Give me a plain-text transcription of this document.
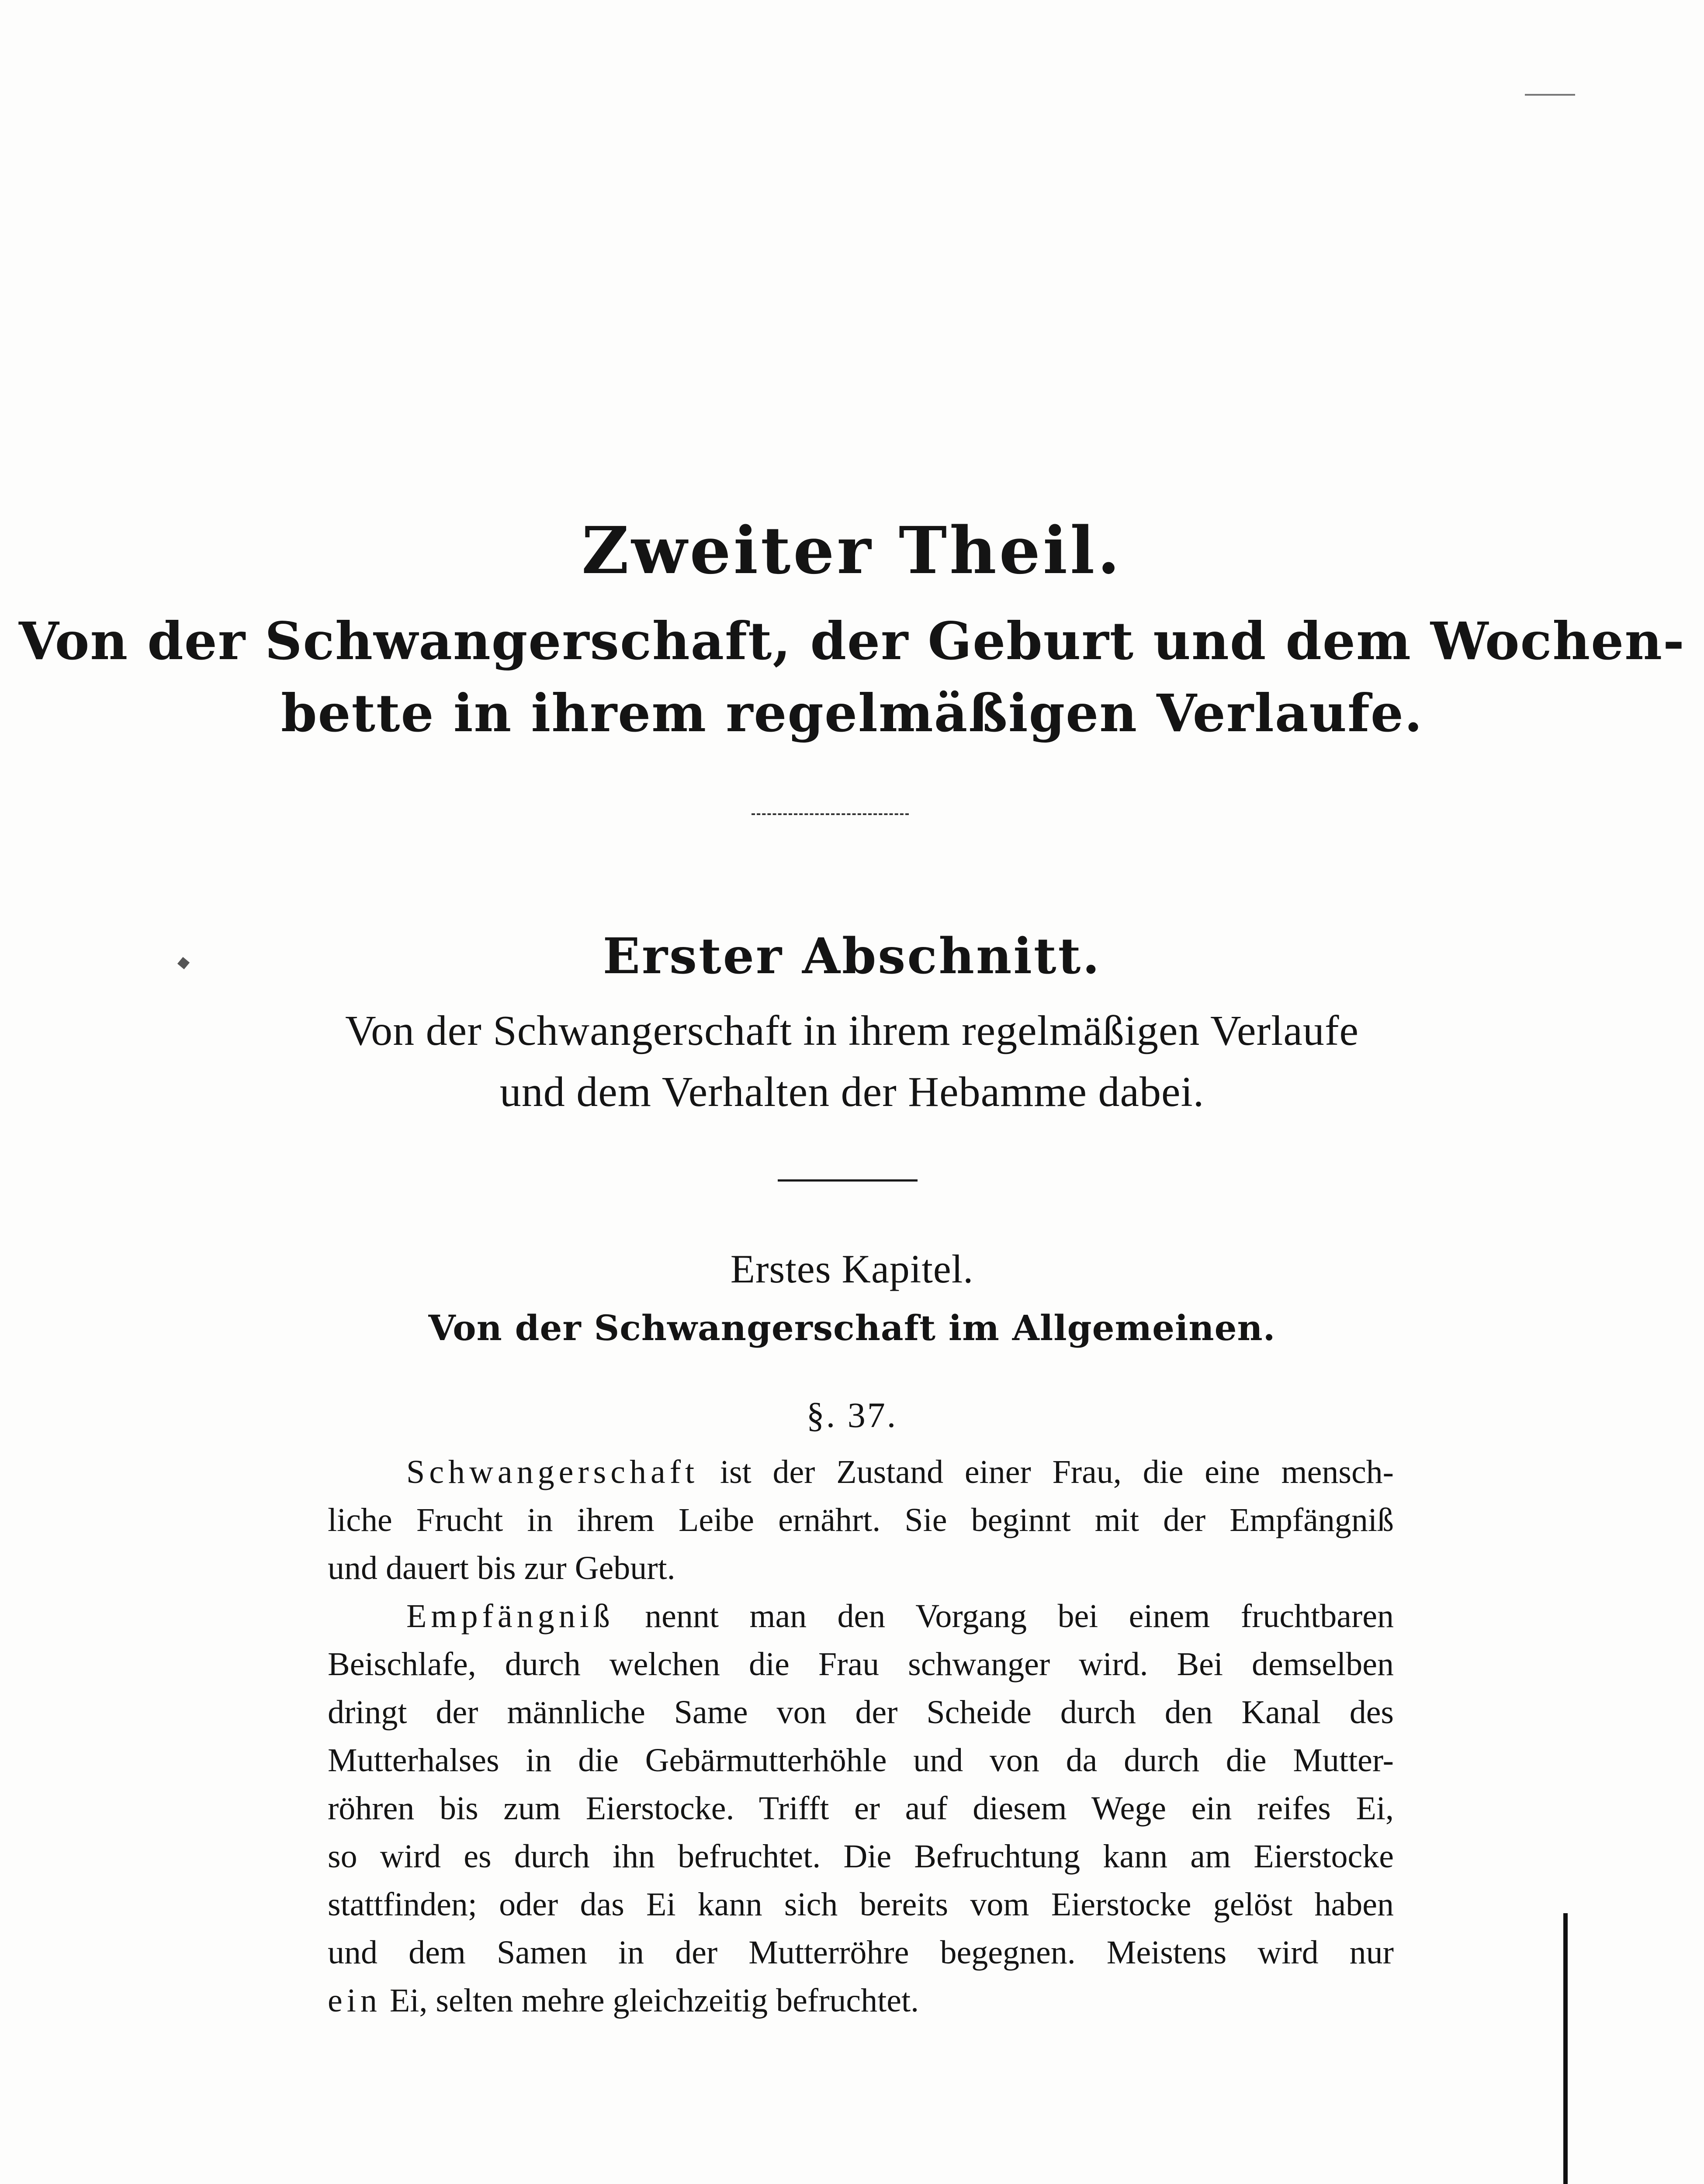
Zweiter Theil.
Von der Schwangerschaft, der Geburt und dem Wochen-
bette in ihrem regelmäßigen Verlaufe.
Erster Abschnitt.
Von der Schwangerschaft in ihrem regelmäßigen Verlaufe
und dem Verhalten der Hebamme dabei.
Erstes Kapitel.
Von der Schwangerschaft im Allgemeinen.
§. 37.
Schwangerschaft ist der Zustand einer Frau, die eine mensch-
liche Frucht in ihrem Leibe ernährt. Sie beginnt mit der Empfängniß
und dauert bis zur Geburt.
Empfängniß nennt man den Vorgang bei einem fruchtbaren
Beischlafe, durch welchen die Frau schwanger wird. Bei demselben
dringt der männliche Same von der Scheide durch den Kanal des
Mutterhalses in die Gebärmutterhöhle und von da durch die Mutter-
röhren bis zum Eierstocke. Trifft er auf diesem Wege ein reifes Ei,
so wird es durch ihn befruchtet. Die Befruchtung kann am Eierstocke
stattfinden; oder das Ei kann sich bereits vom Eierstocke gelöst haben
und dem Samen in der Mutterröhre begegnen. Meistens wird nur
ein Ei, selten mehre gleichzeitig befruchtet.
